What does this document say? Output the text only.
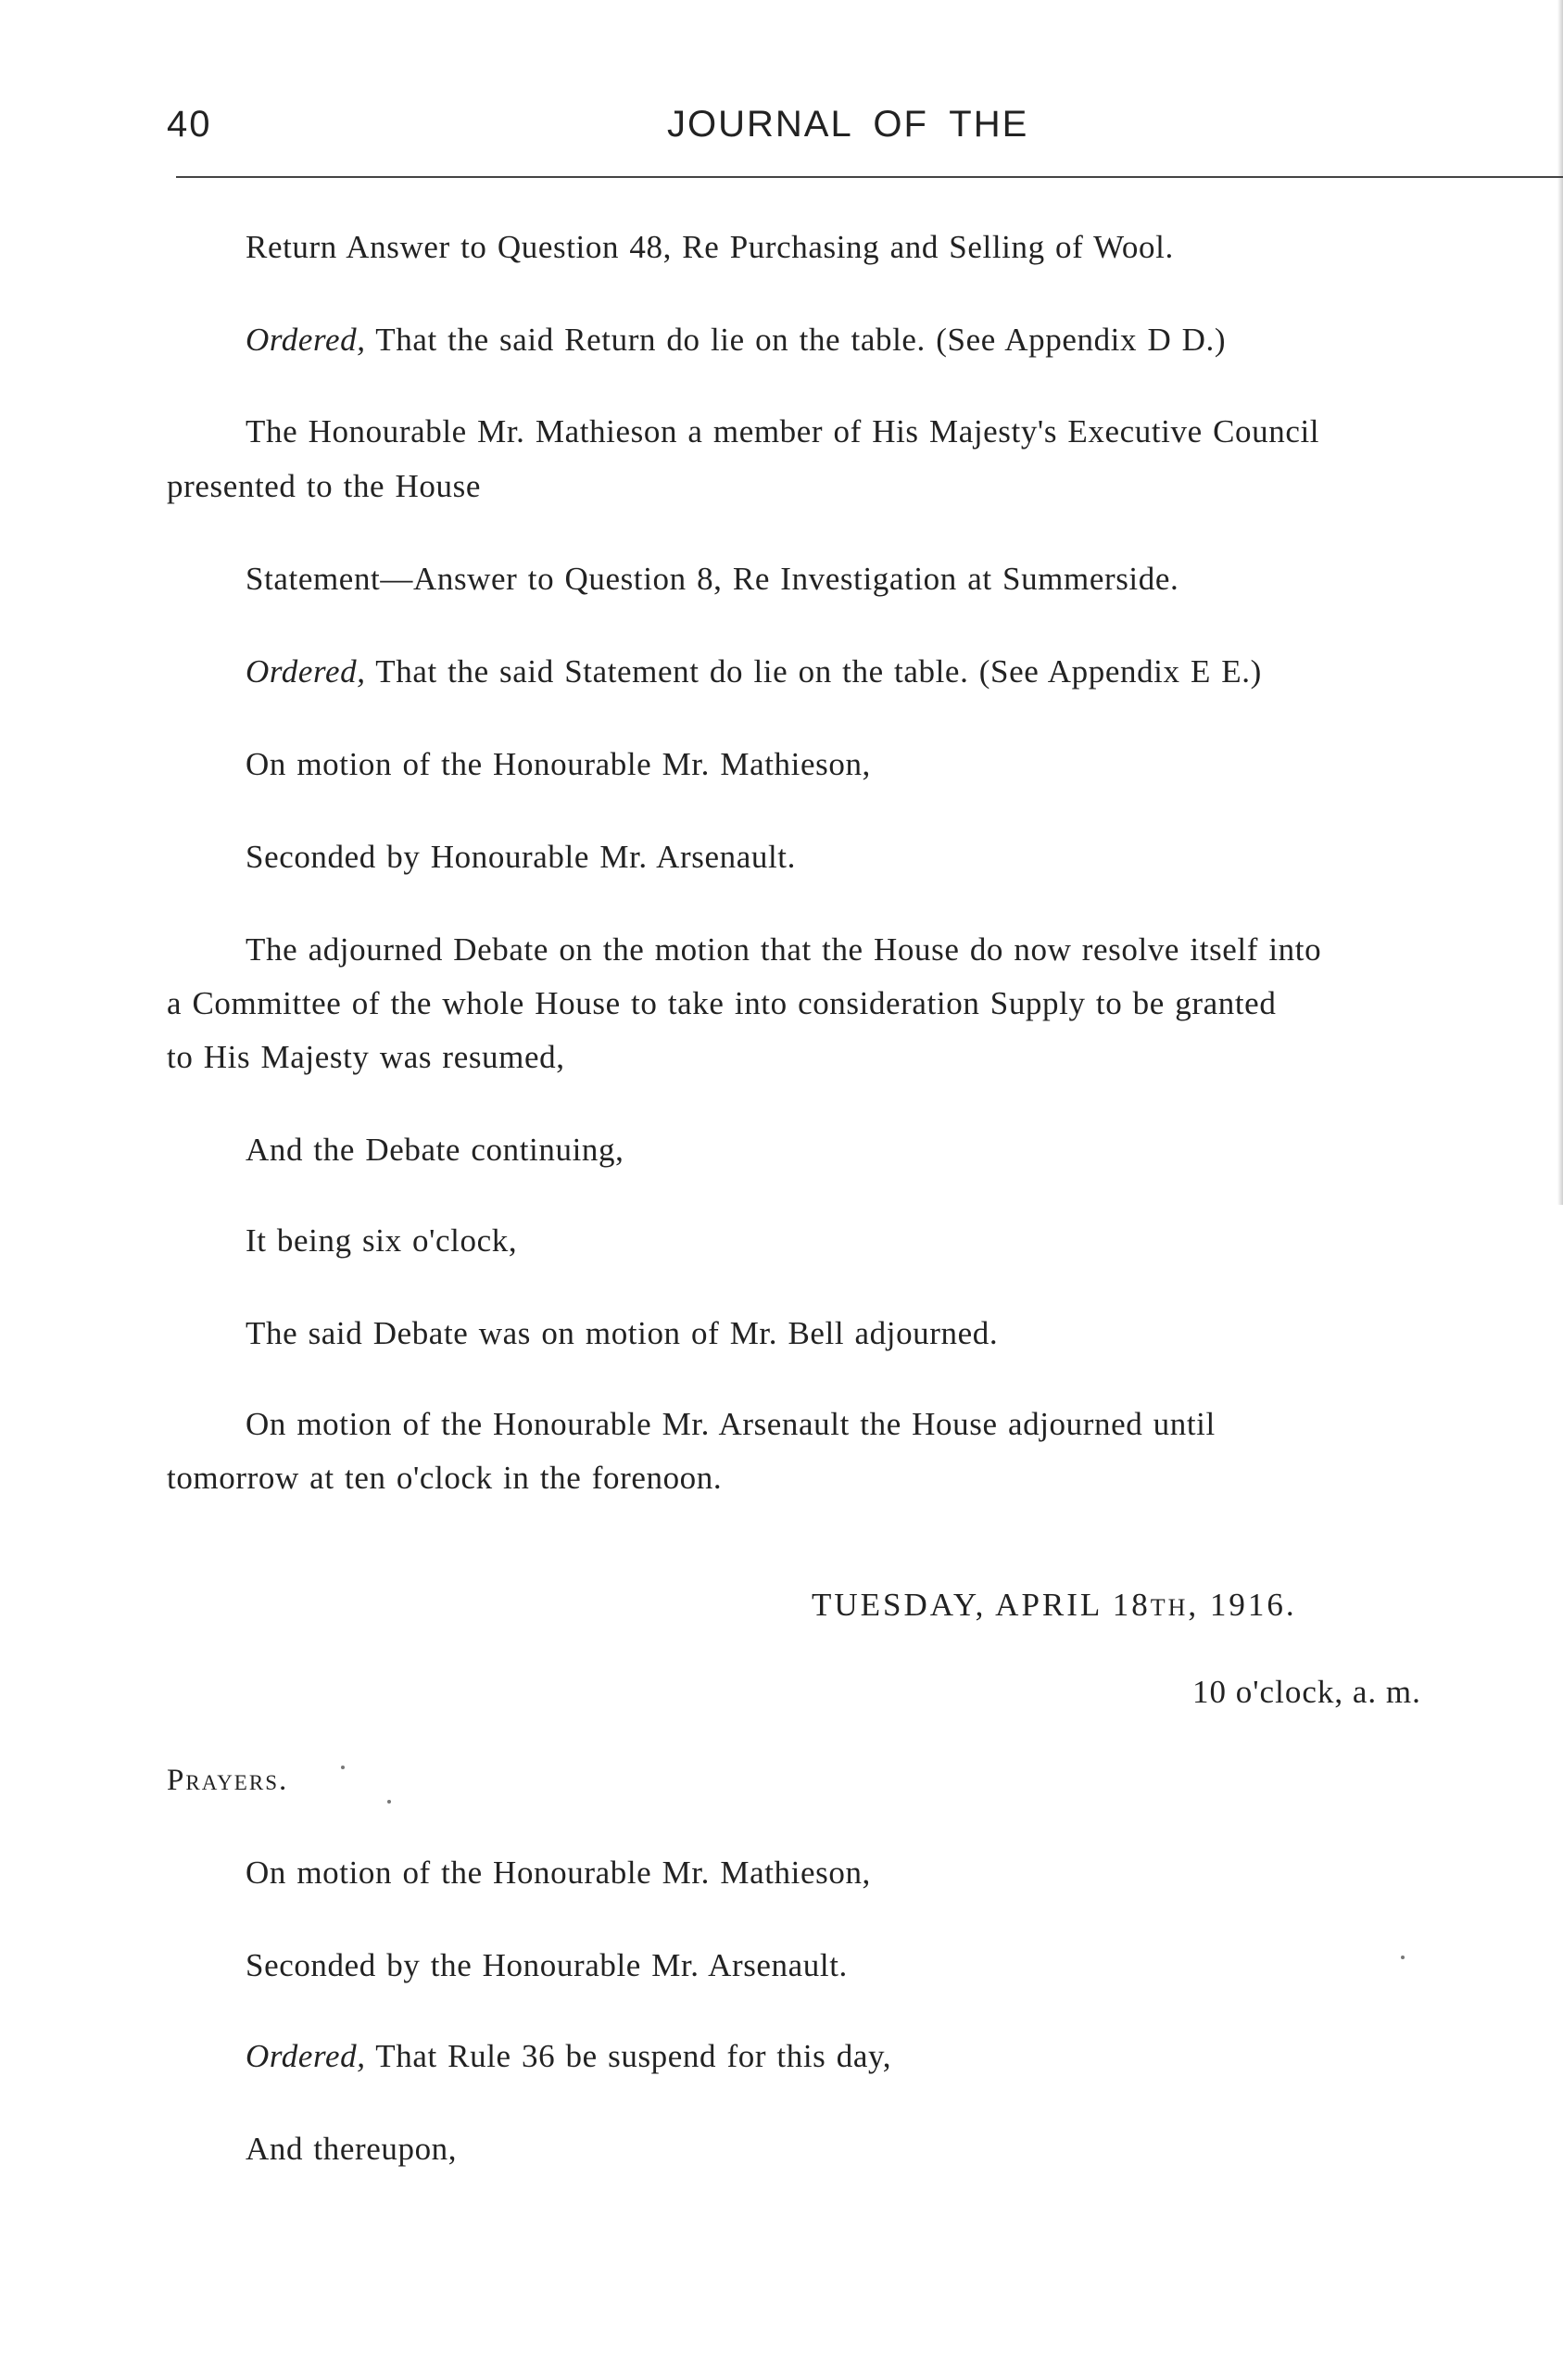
40	JOURNAL OF THE

Return Answer to Question 48, Re Purchasing and Selling of Wool.

Ordered, That the said Return do lie on the table. (See Appendix D D.)

The Honourable Mr. Mathieson a member of His Majesty's Executive Council

presented to the House

Statement—Answer to Question 8, Re Investigation at Summerside.

Ordered, That the said Statement do lie on the table. (See Appendix E E.)

On motion of the Honourable Mr. Mathieson,

Seconded by Honourable Mr. Arsenault.

The adjourned Debate on the motion that the House do now resolve itself into

a Committee of the whole House to take into consideration Supply to be granted

to His Majesty was resumed,

And the Debate continuing,

It being six o'clock,

The said Debate was on motion of Mr. Bell adjourned.

On motion of the Honourable Mr. Arsenault the House adjourned until

tomorrow at ten o'clock in the forenoon.

TUESDAY, APRIL 18TH, 1916.
10 o'clock, a. m.
Prayers.

On motion of the Honourable Mr. Mathieson,

Seconded by the Honourable Mr. Arsenault.

Ordered, That Rule 36 be suspend for this day,

And thereupon,
